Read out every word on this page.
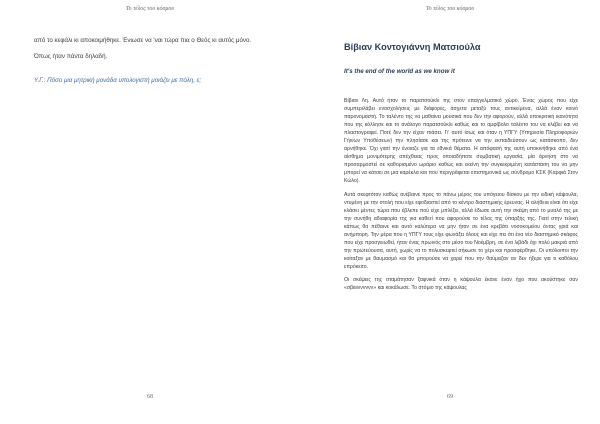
Το τέλος του κόσμου

από το κεφάλι κι αποκοιμήθηκε. Ένιωσε να 'ναι τώρα πια ο Θεός κι αυτός μόνο.

Όπως ήταν πάντα δηλαδή.

Υ.Γ.: Πόσο μια μητρική μονάδα υπολογιστή μοιάζει με πόλη, ε;

68
Το τέλος του κόσμου
Βίβιαν Κοντογιάννη Ματσιούλα
It's the end of the world as we know it

Βίβιαν Λη. Αυτό ήταν το παρατσούκλι της στον επαγγελματικό χώρο. Ένας χώρος που είχε συμπεριλάβει ενασχολήσεις με διάφορες, άσχετα μεταξύ τους αντικείμενα, αλλά έναν κοινό παρονομαστή. Το ταλέντο της να μαθαίνει μουσικά που δεν την αφορούν, αλλά υποκριτική ικανότητα που της κόλλησε και το ανάλογο παρατσούκλι καθώς και το αμφίβολο ταλέντο του να κλέβει και να πλαστογραφεί. Ποτέ δεν την είχαν πιάσει. Γι' αυτό ίσως και όταν η ΥΠΓΥ (Υπηρεσία Πληροφοριών Γήινων Υποθέσεων) την πλησίασε και της πρότεινε να την εκπαιδεύσουν ως κατάσκοπο, δεν αρνήθηκε. Όχι γιατί την ένοιαζε για τα εθνικά θέματα. Η απόφασή της αυτή υποκινήθηκε από ένα αίσθημα μονιμότερης απέχθειας προς οποιαδήποτε συμβατική εργασία, μία άρνηση στο να προσαρμοστεί σε καθορισμένο ωράριο καθώς και εκείνη την συγκεκριμένη κατάσταση του να μην μπορεί να κάτσει σε μια καρέκλα και που περιγράφεται επιστημονικά ως σύνδρομο ΚΣΚ (Καρφιά Στον Κώλο).

Αυτά σκεφτόταν καθώς ανέβαινε προς το πάνω μέρος του υπόγειου δίσκου με την ειδική κάψουλα, ντυμένη με την στολή που είχε εφοδιαστεί από το κέντρο διαστημικής έρευνας. Η αλήθεια είναι ότι είχε κλάσει μέντες τώρα που έβλεπε πού είχε μπλέξει, αλλά έδωσε αυτή την σκέψη από το μυαλό της με την συνήθη αδιαφορία της για καθετί που αφορούσε το τέλος της ύπαρξής της. Γιατί στην τελική κάπως θα πέθαινε και αυτό καλύτερα να μην ήταν σε ένα κρεβάτι νοσοκομείου όντας γριά και ανήμπορη. Την μέρα που η ΥΠΓΥ τους είχε φωνάξει όλους και είχε πει ότι ένα νέο διαστημικό σκάφος που είχε προσγειωθεί, ήταν ένας πρωινός στο μέσο του Νοέμβρη, σε ένα λιβάδι όχι πολύ μακριά από την πρωτεύουσα, αυτή, χωρίς να το πολυσκεφτεί σήκωσε το χέρι και προσφέρθηκε. Οι υπόλοιποι την κοίταξαν με θαυμασμό και θα μπορούσε να χαρεί που την θαύμαζαν αν δεν ήξερε για τι καθόλου επρόκειτο.

Οι σκέψεις της σταμάτησαν ξαφνικά όταν η κάψουλα έκανε έναν ήχο που ακούστηκε σαν «σβιιιινννννν» και κοκάλωσε. Το στόμιο της κάψουλας

69
